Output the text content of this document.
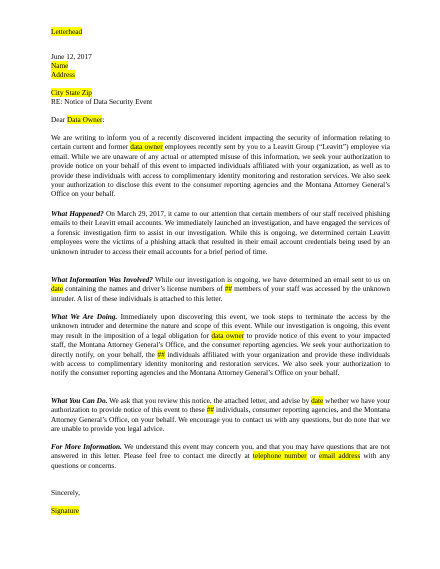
Letterhead
June 12, 2017
Name
Address
City State Zip
RE: Notice of Data Security Event
Dear Data Owner:

We are writing to inform you of a recently discovered incident impacting the security of information relating to certain current and former data owner employees recently sent by you to a Leavitt Group (“Leavitt”) employee via email. While we are unaware of any actual or attempted misuse of this information, we seek your authorization to provide notice on your behalf of this event to impacted individuals affiliated with your organization, as well as to provide these individuals with access to complimentary identity monitoring and restoration services. We also seek your authorization to disclose this event to the consumer reporting agencies and the Montana Attorney General’s Office on your behalf.

What Happened? On March 29, 2017, it came to our attention that certain members of our staff received phishing emails to their Leavitt email accounts. We immediately launched an investigation, and have engaged the services of a forensic investigation firm to assist in our investigation. While this is ongoing, we determined certain Leavitt employees were the victims of a phishing attack that resulted in their email account credentials being used by an unknown intruder to access their email accounts for a brief period of time.

What Information Was Involved? While our investigation is ongoing, we have determined an email sent to us on date containing the names and driver’s license numbers of ## members of your staff was accessed by the unknown intruder. A list of these individuals is attached to this letter.

What We Are Doing. Immediately upon discovering this event, we took steps to terminate the access by the unknown intruder and determine the nature and scope of this event. While our investigation is ongoing, this event may result in the imposition of a legal obligation for data owner to provide notice of this event to your impacted staff, the Montana Attorney General’s Office, and the consumer reporting agencies. We seek your authorization to directly notify, on your behalf, the ## individuals affiliated with your organization and provide these individuals with access to complimentary identity monitoring and restoration services. We also seek your authorization to notify the consumer reporting agencies and the Montana Attorney General’s Office on your behalf.

What You Can Do. We ask that you review this notice, the attached letter, and advise by date whether we have your authorization to provide notice of this event to these ## individuals, consumer reporting agencies, and the Montana Attorney General’s Office, on your behalf. We encourage you to contact us with any questions, but do note that we are unable to provide you legal advice.

For More Information. We understand this event may concern you, and that you may have questions that are not answered in this letter. Please feel free to contact me directly at telephone number or email address with any questions or concerns.

Sincerely,
Signature
